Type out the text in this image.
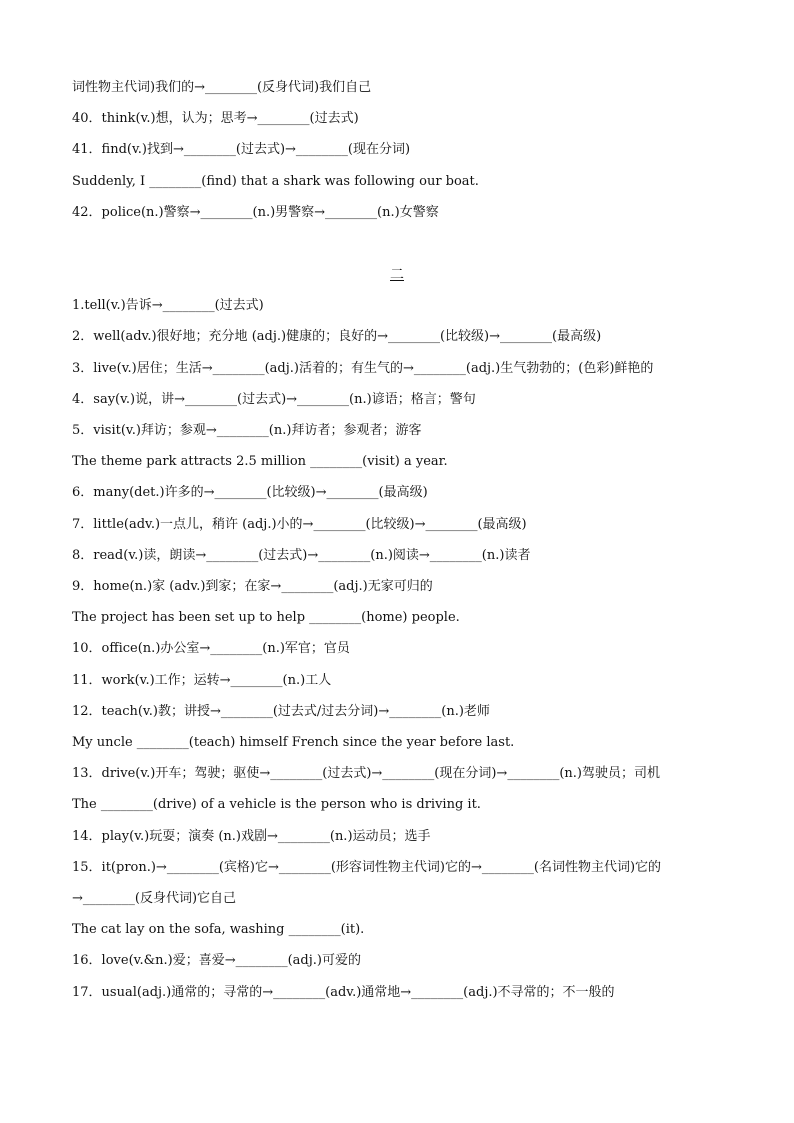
词性物主代词)我们的→________(反身代词)我们自己
40．think(v.)想，认为；思考→________(过去式)
41．find(v.)找到→________(过去式)→________(现在分词)
Suddenly, I ________(find) that a shark was following our boat.
42．police(n.)警察→________(n.)男警察→________(n.)女警察
二
1.tell(v.)告诉→________(过去式)
2．well(adv.)很好地；充分地 (adj.)健康的；良好的→________(比较级)→________(最高级)
3．live(v.)居住；生活→________(adj.)活着的；有生气的→________(adj.)生气勃勃的；(色彩)鲜艳的
4．say(v.)说，讲→________(过去式)→________(n.)谚语；格言；警句
5．visit(v.)拜访；参观→________(n.)拜访者；参观者；游客
The theme park attracts 2.5 million ________(visit) a year.
6．many(det.)许多的→________(比较级)→________(最高级)
7．little(adv.)一点儿，稍许 (adj.)小的→________(比较级)→________(最高级)
8．read(v.)读，朗读→________(过去式)→________(n.)阅读→________(n.)读者
9．home(n.)家 (adv.)到家；在家→________(adj.)无家可归的
The project has been set up to help ________(home) people.
10．office(n.)办公室→________(n.)军官；官员
11．work(v.)工作；运转→________(n.)工人
12．teach(v.)教；讲授→________(过去式/过去分词)→________(n.)老师
My uncle ________(teach) himself French since the year before last.
13．drive(v.)开车；驾驶；驱使→________(过去式)→________(现在分词)→________(n.)驾驶员；司机
The ________(drive) of a vehicle is the person who is driving it.
14．play(v.)玩耍；演奏 (n.)戏剧→________(n.)运动员；选手
15．it(pron.)→________(宾格)它→________(形容词性物主代词)它的→________(名词性物主代词)它的
→________(反身代词)它自己
The cat lay on the sofa, washing ________(it).
16．love(v.&n.)爱；喜爱→________(adj.)可爱的
17．usual(adj.)通常的；寻常的→________(adv.)通常地→________(adj.)不寻常的；不一般的
